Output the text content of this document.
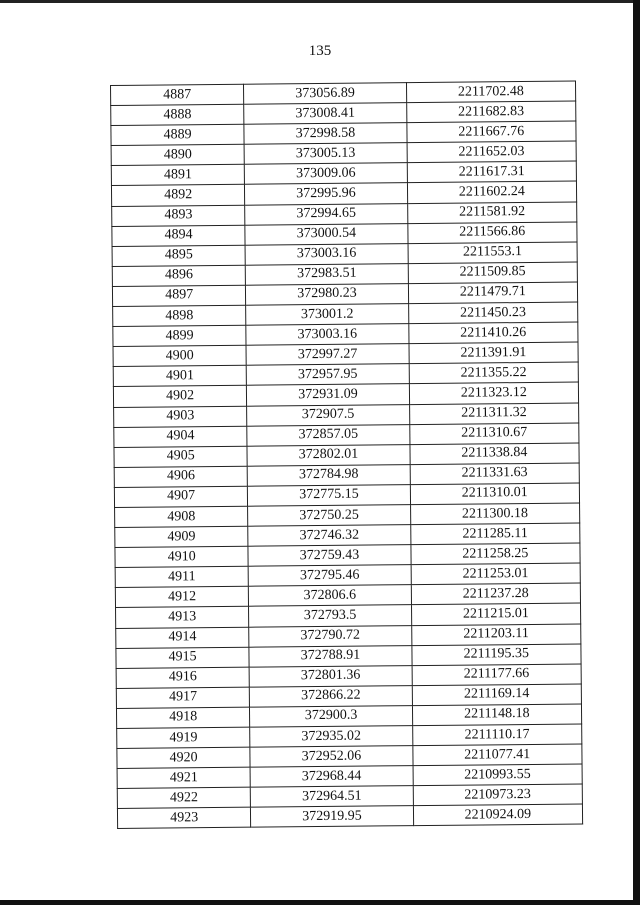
135
4887	373056.89	2211702.48
4888	373008.41	2211682.83
4889	372998.58	2211667.76
4890	373005.13	2211652.03
4891	373009.06	2211617.31
4892	372995.96	2211602.24
4893	372994.65	2211581.92
4894	373000.54	2211566.86
4895	373003.16	2211553.1
4896	372983.51	2211509.85
4897	372980.23	2211479.71
4898	373001.2	2211450.23
4899	373003.16	2211410.26
4900	372997.27	2211391.91
4901	372957.95	2211355.22
4902	372931.09	2211323.12
4903	372907.5	2211311.32
4904	372857.05	2211310.67
4905	372802.01	2211338.84
4906	372784.98	2211331.63
4907	372775.15	2211310.01
4908	372750.25	2211300.18
4909	372746.32	2211285.11
4910	372759.43	2211258.25
4911	372795.46	2211253.01
4912	372806.6	2211237.28
4913	372793.5	2211215.01
4914	372790.72	2211203.11
4915	372788.91	2211195.35
4916	372801.36	2211177.66
4917	372866.22	2211169.14
4918	372900.3	2211148.18
4919	372935.02	2211110.17
4920	372952.06	2211077.41
4921	372968.44	2210993.55
4922	372964.51	2210973.23
4923	372919.95	2210924.09
